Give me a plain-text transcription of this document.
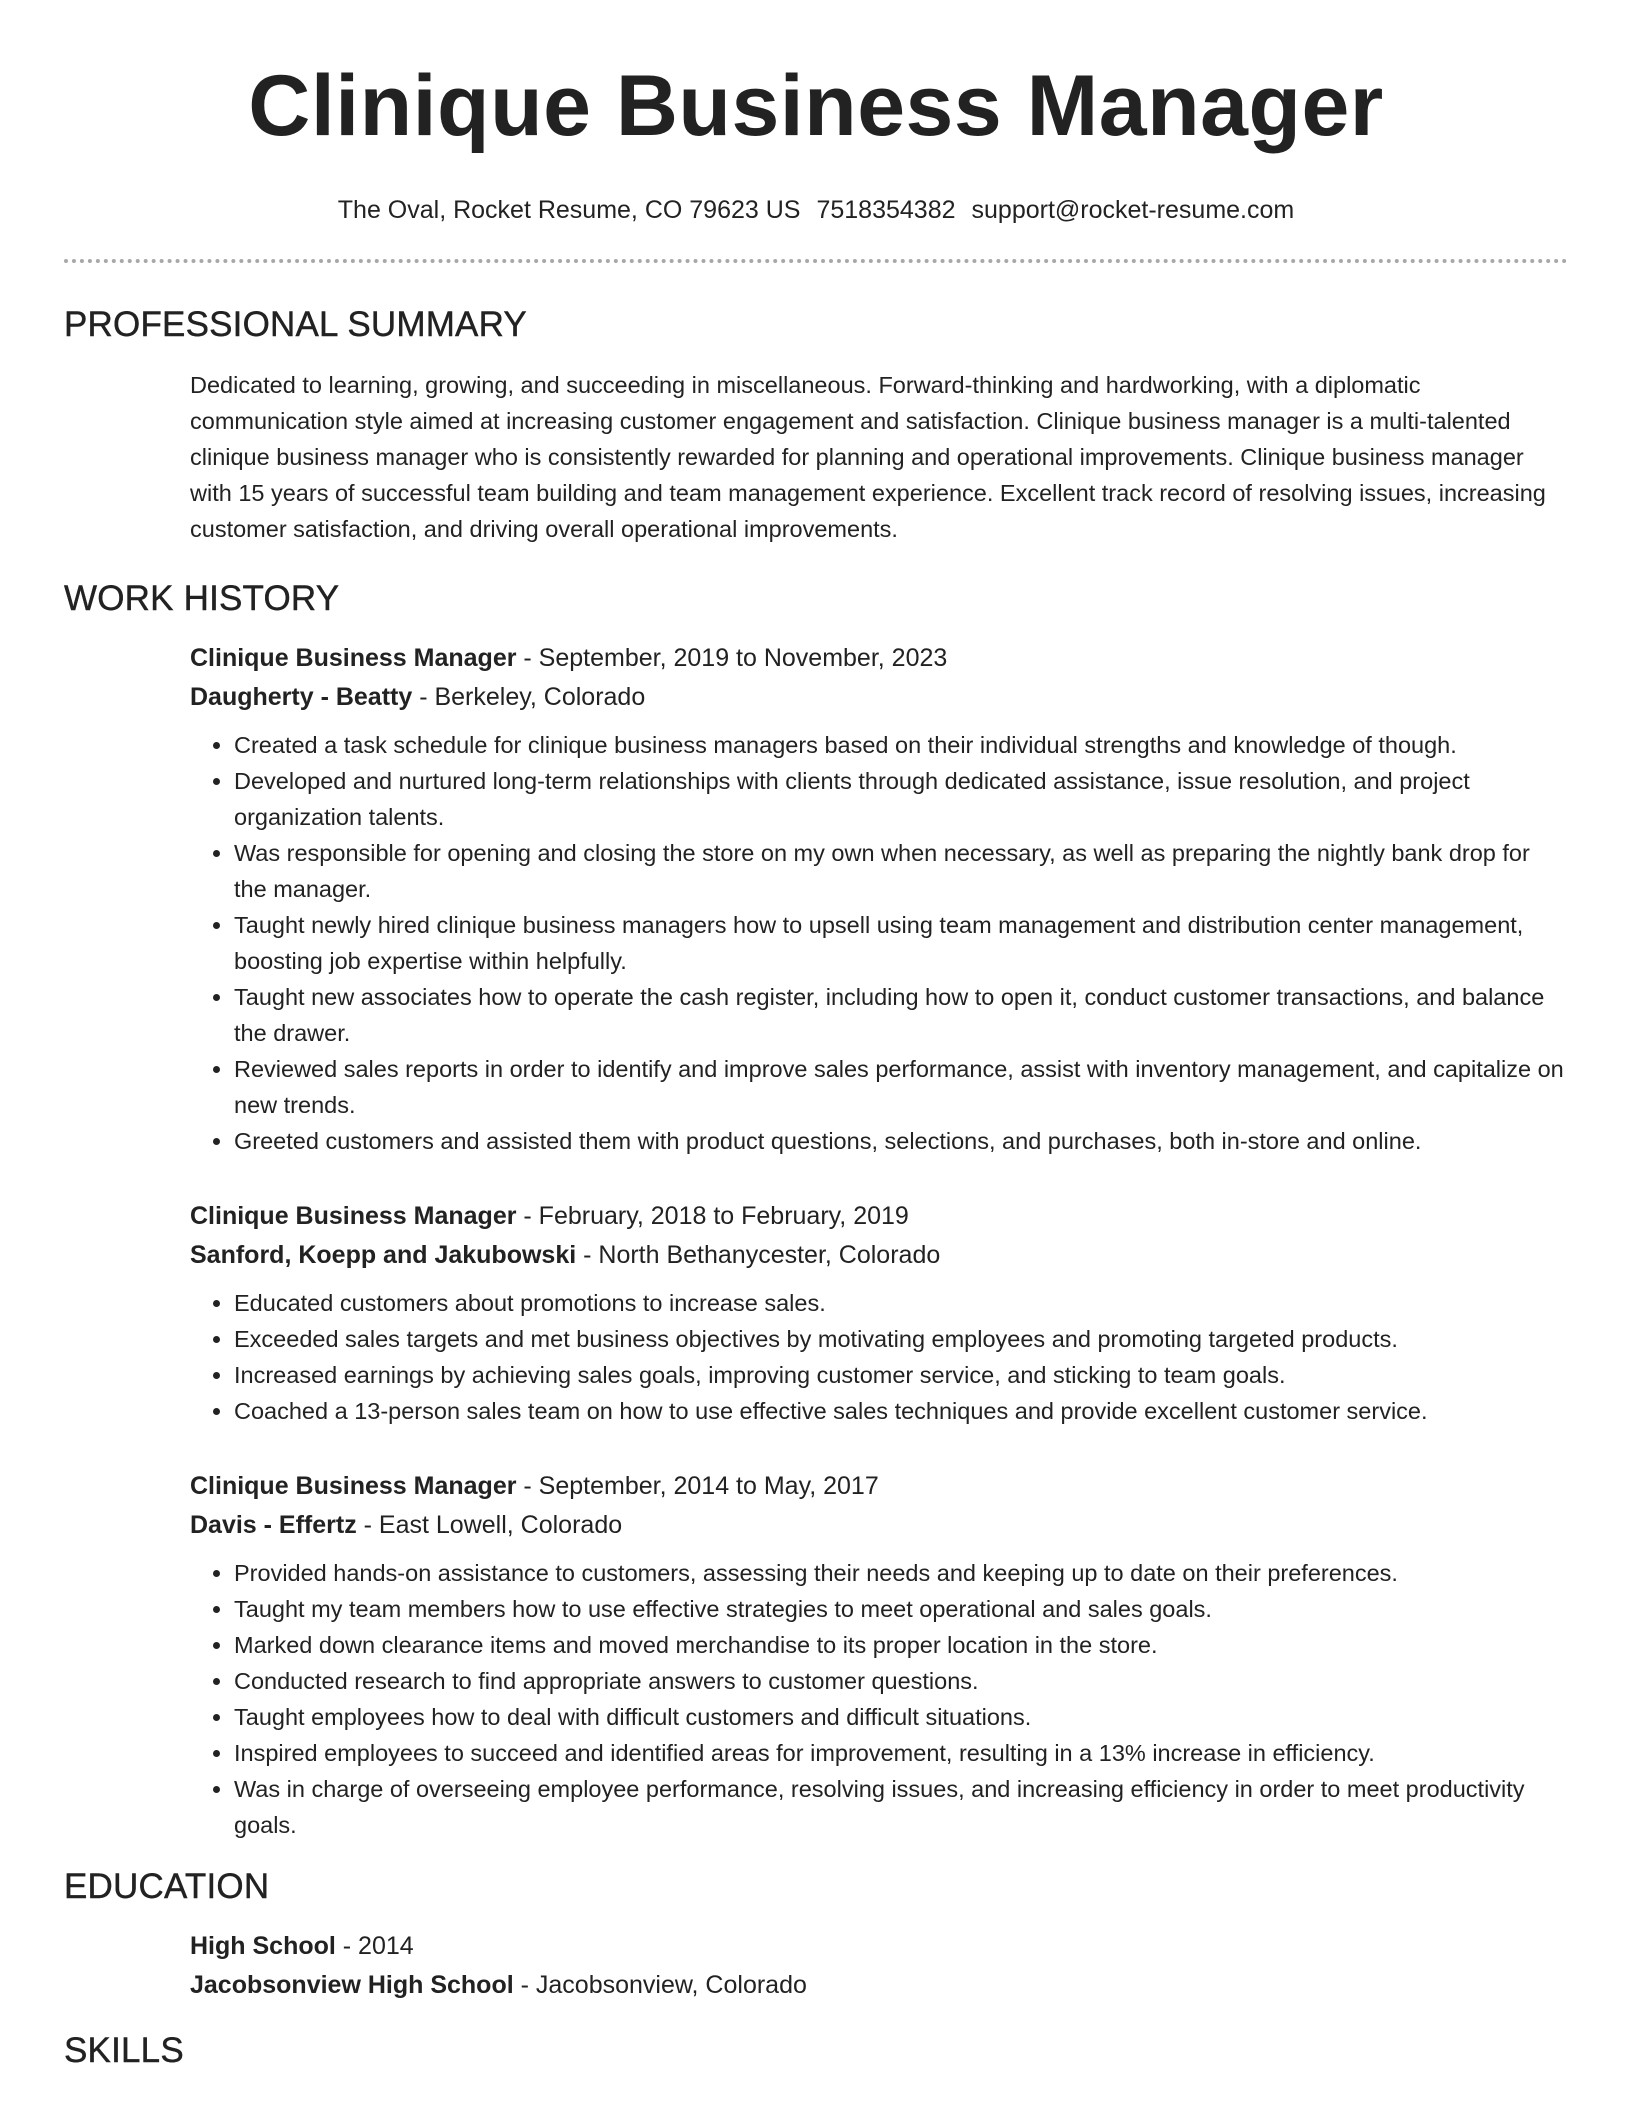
Clinique Business Manager
The Oval, Rocket Resume, CO 79623 US 7518354382 support@rocket-resume.com
PROFESSIONAL SUMMARY

Dedicated to learning, growing, and succeeding in miscellaneous. Forward-thinking and hardworking, with a diplomatic communication style aimed at increasing customer engagement and satisfaction. Clinique business manager is a multi-talented clinique business manager who is consistently rewarded for planning and operational improvements. Clinique business manager with 15 years of successful team building and team management experience. Excellent track record of resolving issues, increasing customer satisfaction, and driving overall operational improvements.

WORK HISTORY
Clinique Business Manager - September, 2019 to November, 2023
Daugherty - Beatty - Berkeley, Colorado
• Created a task schedule for clinique business managers based on their individual strengths and knowledge of though.
• Developed and nurtured long-term relationships with clients through dedicated assistance, issue resolution, and project organization talents.
• Was responsible for opening and closing the store on my own when necessary, as well as preparing the nightly bank drop for the manager.
• Taught newly hired clinique business managers how to upsell using team management and distribution center management, boosting job expertise within helpfully.
• Taught new associates how to operate the cash register, including how to open it, conduct customer transactions, and balance the drawer.
• Reviewed sales reports in order to identify and improve sales performance, assist with inventory management, and capitalize on new trends.
• Greeted customers and assisted them with product questions, selections, and purchases, both in-store and online.
Clinique Business Manager - February, 2018 to February, 2019
Sanford, Koepp and Jakubowski - North Bethanycester, Colorado
• Educated customers about promotions to increase sales.
• Exceeded sales targets and met business objectives by motivating employees and promoting targeted products.
• Increased earnings by achieving sales goals, improving customer service, and sticking to team goals.
• Coached a 13-person sales team on how to use effective sales techniques and provide excellent customer service.
Clinique Business Manager - September, 2014 to May, 2017
Davis - Effertz - East Lowell, Colorado
• Provided hands-on assistance to customers, assessing their needs and keeping up to date on their preferences.
• Taught my team members how to use effective strategies to meet operational and sales goals.
• Marked down clearance items and moved merchandise to its proper location in the store.
• Conducted research to find appropriate answers to customer questions.
• Taught employees how to deal with difficult customers and difficult situations.
• Inspired employees to succeed and identified areas for improvement, resulting in a 13% increase in efficiency.
• Was in charge of overseeing employee performance, resolving issues, and increasing efficiency in order to meet productivity goals.
EDUCATION
High School - 2014
Jacobsonview High School - Jacobsonview, Colorado
SKILLS
